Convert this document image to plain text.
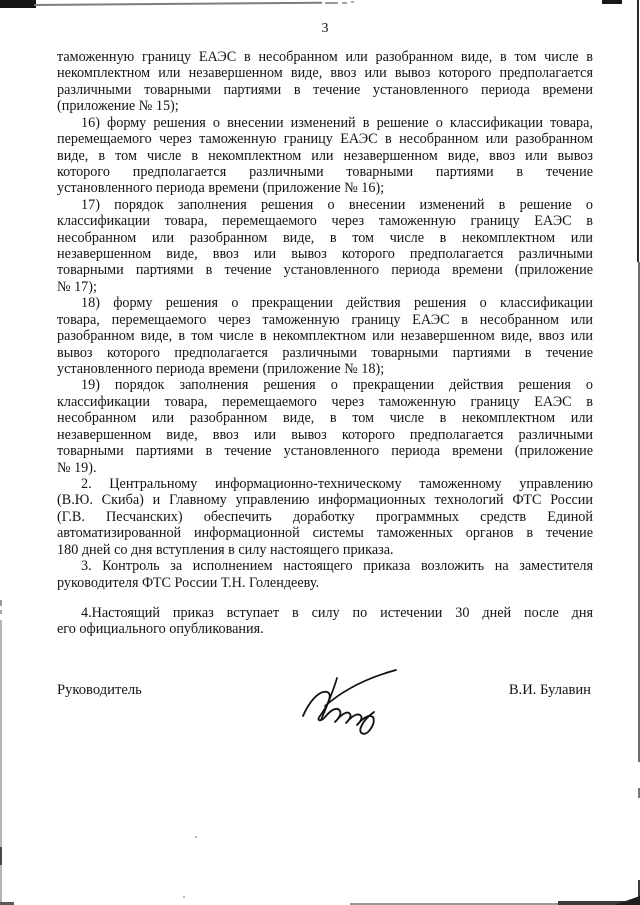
3
таможенную границу ЕАЭС в несобранном или разобранном виде, в том числе в
некомплектном или незавершенном виде, ввоз или вывоз которого предполагается
различными товарными партиями в течение установленного периода времени
(приложение № 15);
16) форму решения о внесении изменений в решение о классификации товара,
перемещаемого через таможенную границу ЕАЭС в несобранном или разобранном
виде, в том числе в некомплектном или незавершенном виде, ввоз или вывоз
которого предполагается различными товарными партиями в течение
установленного периода времени (приложение № 16);
17) порядок заполнения решения о внесении изменений в решение о
классификации товара, перемещаемого через таможенную границу ЕАЭС в
несобранном или разобранном виде, в том числе в некомплектном или
незавершенном виде, ввоз или вывоз которого предполагается различными
товарными партиями в течение установленного периода времени (приложение
№ 17);
18) форму решения о прекращении действия решения о классификации
товара, перемещаемого через таможенную границу ЕАЭС в несобранном или
разобранном виде, в том числе в некомплектном или незавершенном виде, ввоз или
вывоз которого предполагается различными товарными партиями в течение
установленного периода времени (приложение № 18);
19) порядок заполнения решения о прекращении действия решения о
классификации товара, перемещаемого через таможенную границу ЕАЭС в
несобранном или разобранном виде, в том числе в некомплектном или
незавершенном виде, ввоз или вывоз которого предполагается различными
товарными партиями в течение установленного периода времени (приложение
№ 19).
2. Центральному информационно-техническому таможенному управлению
(В.Ю. Скиба) и Главному управлению информационных технологий ФТС России
(Г.В. Песчанских) обеспечить доработку программных средств Единой
автоматизированной информационной системы таможенных органов в течение
180 дней со дня вступления в силу настоящего приказа.
3. Контроль за исполнением настоящего приказа возложить на заместителя
руководителя ФТС России Т.Н. Голендееву.
4.Настоящий приказ вступает в силу по истечении 30 дней после дня
его официального опубликования.
Руководитель	В.И. Булавин
